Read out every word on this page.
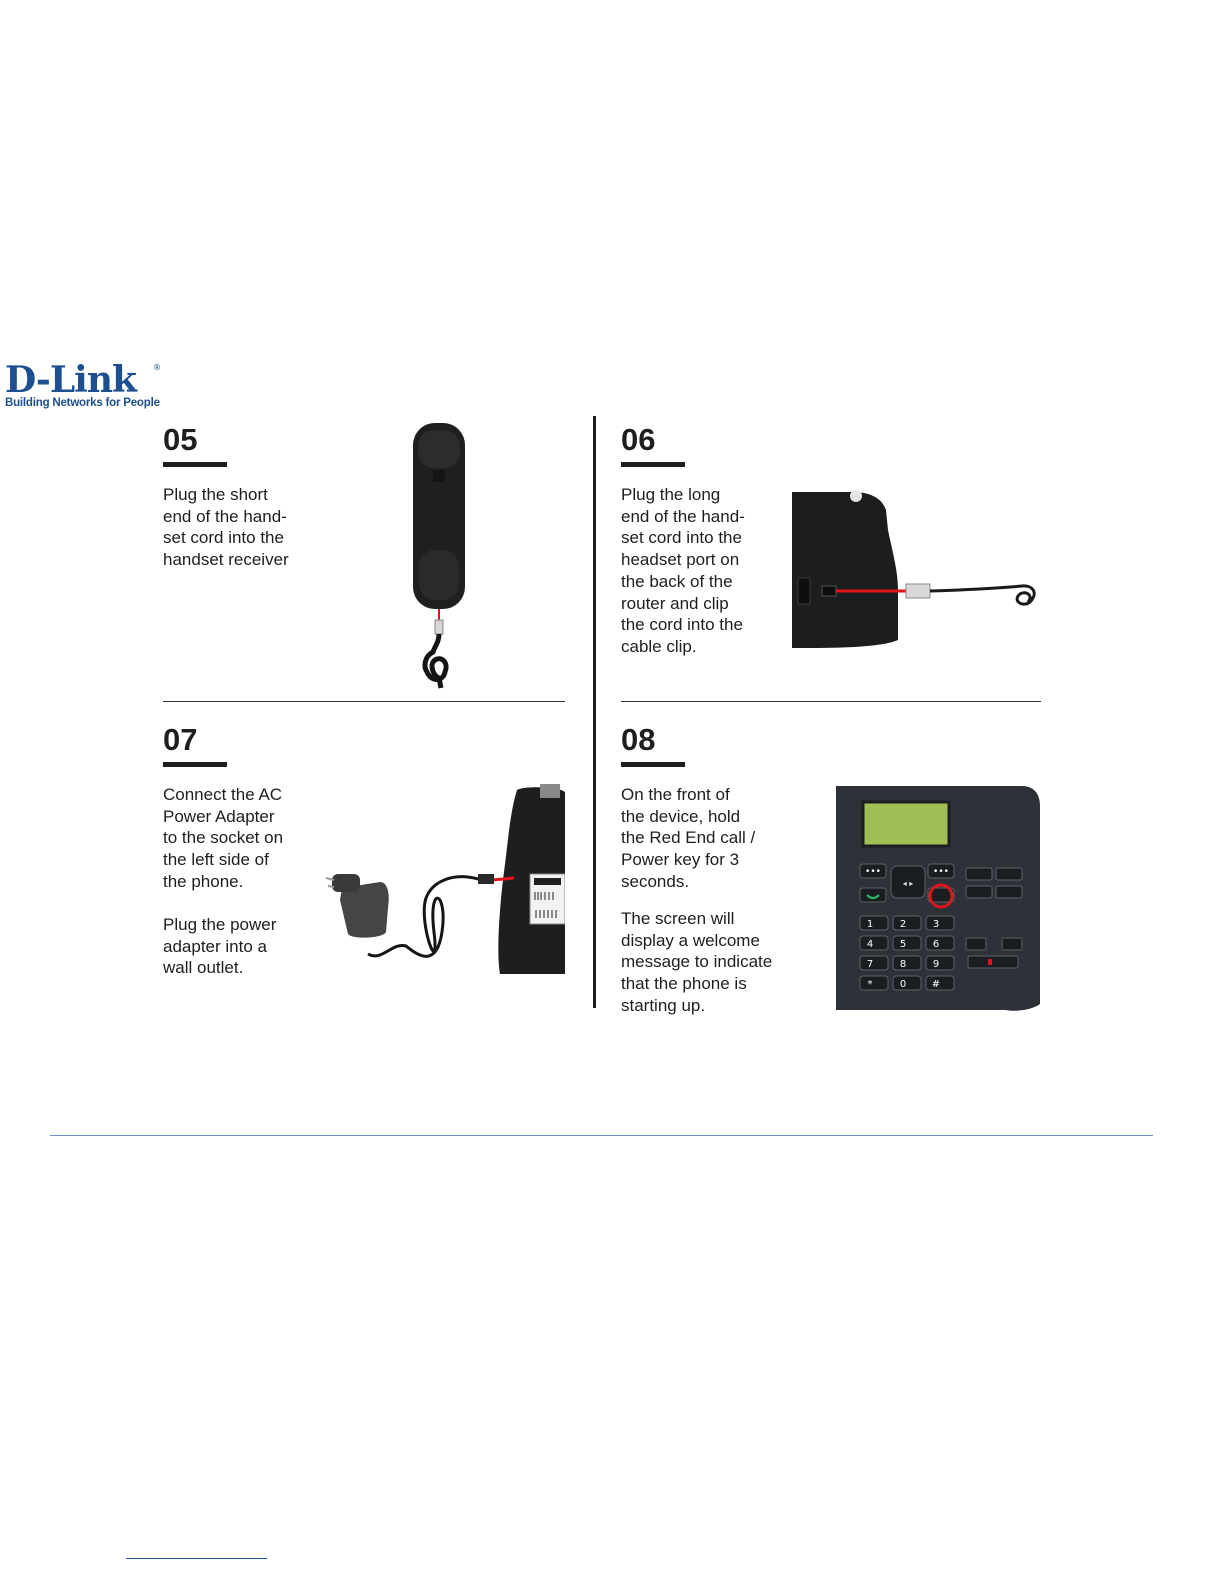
D-Link	®
Building Networks for People
05
Plug the short
end of the hand-
set cord into the
handset receiver
06
Plug the long
end of the hand-
set cord into the
headset port on
the back of the
router and clip
the cord into the
cable clip.
07
Connect the AC
Power Adapter
to the socket on
the left side of
the phone.
Plug the power
adapter into a
wall outlet.
08
On the front of
the device, hold
the Red End call /
Power key for 3
seconds.
The screen will
display a welcome
message to indicate
that the phone is
starting up.
•••	•••
◂ ▸
1	2	3
4	5	6
7	8	9
*	0	#
